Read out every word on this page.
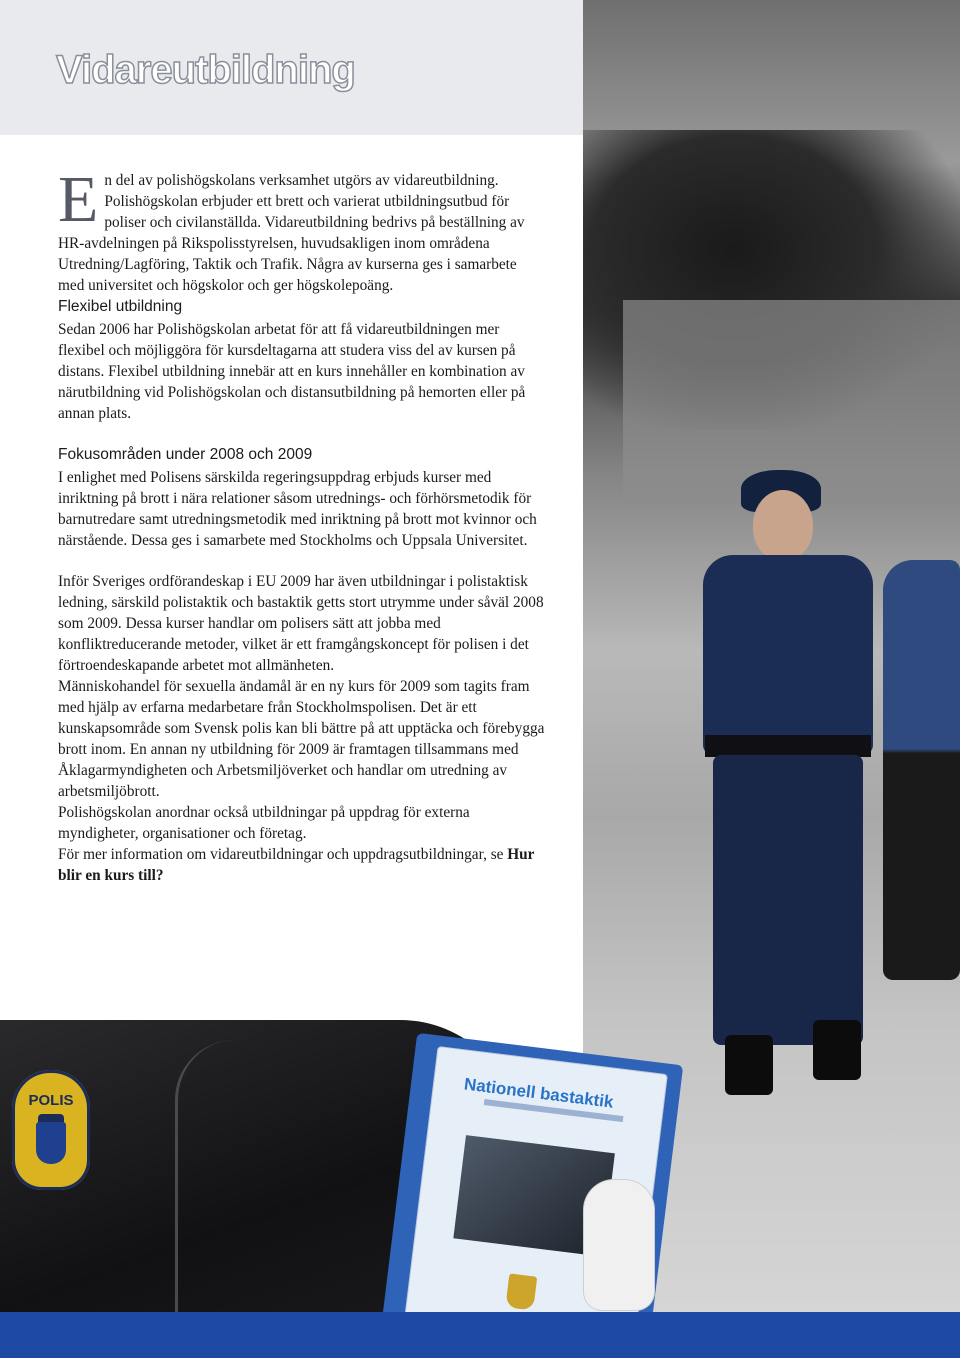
Vidareutbildning

En del av polishögskolans verksamhet utgörs av vidareutbildning. Polishögskolan erbjuder ett brett och varierat utbildningsutbud för poliser och civilanställda. Vidareutbildning bedrivs på beställning av HR-avdelningen på Rikspolisstyrelsen, huvudsakligen inom områdena Utredning/Lagföring, Taktik och Trafik. Några av kurserna ges i samarbete med universitet och högskolor och ger högskolepoäng.

Flexibel utbildning

Sedan 2006 har Polishögskolan arbetat för att få vidareutbildningen mer flexibel och möjliggöra för kursdeltagarna att studera viss del av kursen på distans. Flexibel utbildning innebär att en kurs innehåller en kombination av närutbildning vid Polishögskolan och distansutbildning på hemorten eller på annan plats.

Fokusområden under 2008 och 2009

I enlighet med Polisens särskilda regeringsuppdrag erbjuds kurser med inriktning på brott i nära relationer såsom utrednings- och förhörsmetodik för barnutredare samt utredningsmetodik med inriktning på brott mot kvinnor och närstående. Dessa ges i samarbete med Stockholms och Uppsala Universitet.

Inför Sveriges ordförandeskap i EU 2009 har även utbildningar i polistaktisk ledning, särskild polistaktik och bastaktik getts stort utrymme under såväl 2008 som 2009. Dessa kurser handlar om polisers sätt att jobba med konfliktreducerande metoder, vilket är ett framgångskoncept för polisen i det förtroendeskapande arbetet mot allmänheten.

Människohandel för sexuella ändamål är en ny kurs för 2009 som tagits fram med hjälp av erfarna medarbetare från Stockholmspolisen. Det är ett kunskapsområde som Svensk polis kan bli bättre på att upptäcka och förebygga brott inom. En annan ny utbildning för 2009 är framtagen tillsammans med Åklagarmyndigheten och Arbetsmiljöverket och handlar om utredning av arbetsmiljöbrott.

Polishögskolan anordnar också utbildningar på uppdrag för externa myndigheter, organisationer och företag.

För mer information om vidareutbildningar och uppdragsutbildningar, se Hur blir en kurs till?

POLIS	Nationell bastaktik
